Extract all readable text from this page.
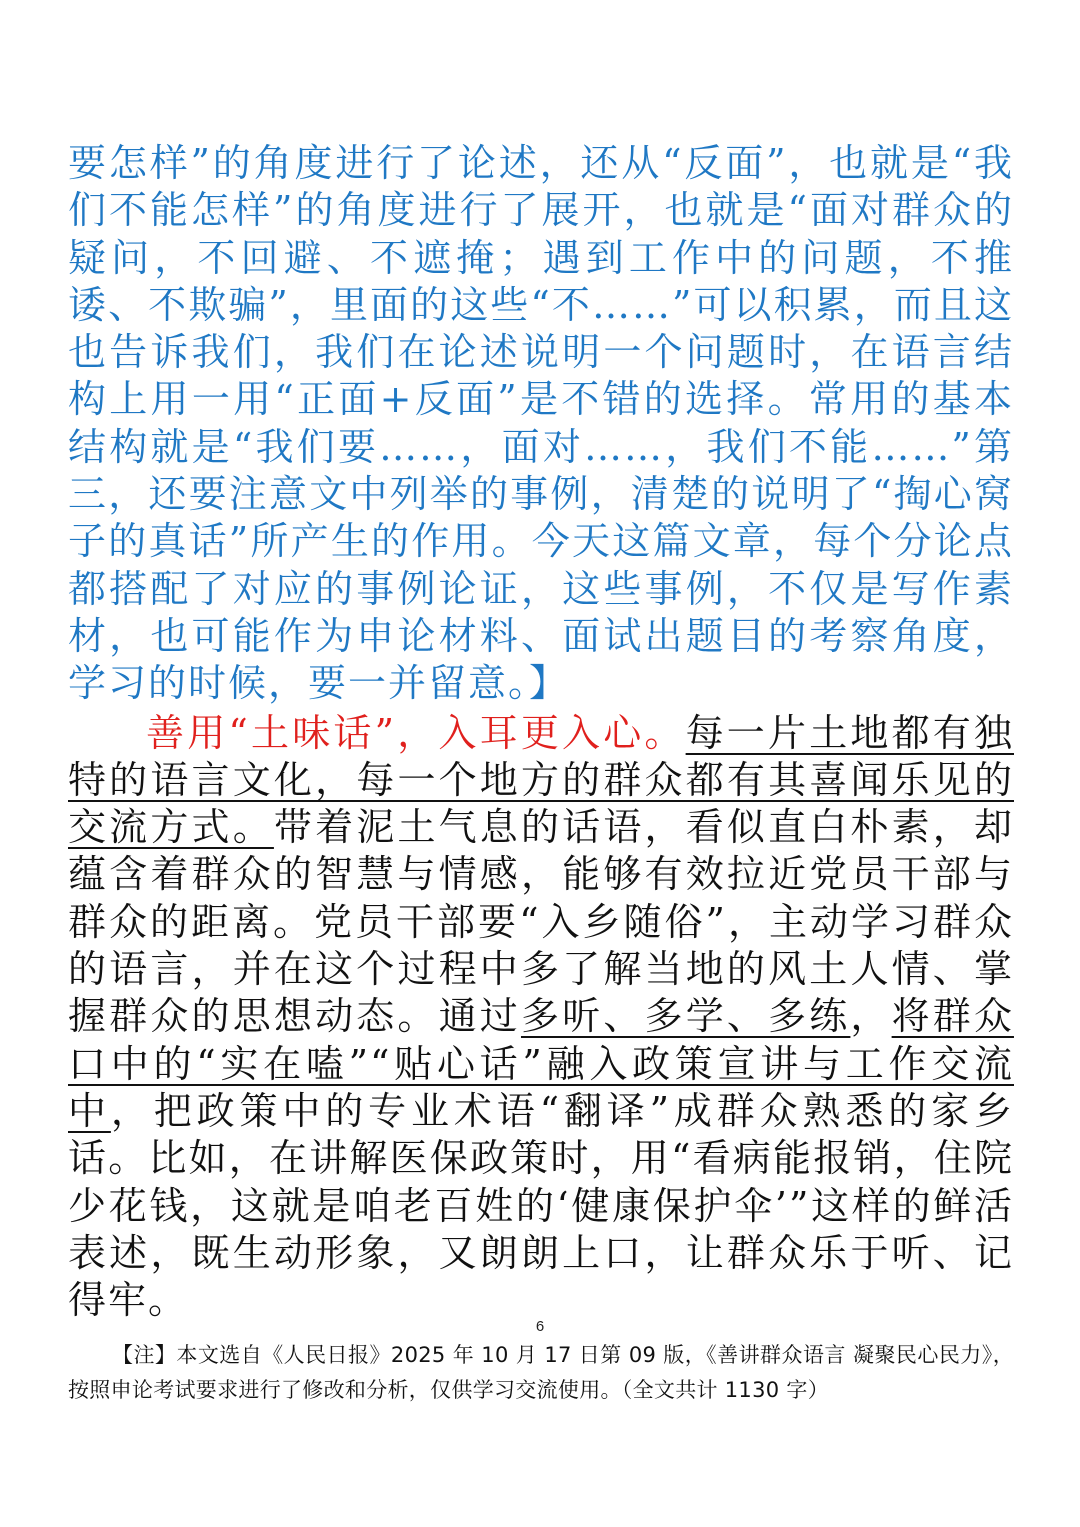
要怎样”的角度进行了论述，还从“反面”，也就是“我们不能怎样”的角度进行了展开，也就是“面对群众的疑问，不回避、不遮掩；遇到工作中的问题，不推诿、不欺骗”，里面的这些“不……”可以积累，而且这也告诉我们，我们在论述说明一个问题时，在语言结构上用一用“正面+反面”是不错的选择。常用的基本结构就是“我们要……，面对……，我们不能……”第三，还要注意文中列举的事例，清楚的说明了“掏心窝子的真话”所产生的作用。今天这篇文章，每个分论点都搭配了对应的事例论证，这些事例，不仅是写作素材，也可能作为申论材料、面试出题目的考察角度，学习的时候，要一并留意。】

善用“土味话”，入耳更入心。每一片土地都有独特的语言文化，每一个地方的群众都有其喜闻乐见的交流方式。带着泥土气息的话语，看似直白朴素，却蕴含着群众的智慧与情感，能够有效拉近党员干部与群众的距离。党员干部要“入乡随俗”，主动学习群众的语言，并在这个过程中多了解当地的风土人情、掌握群众的思想动态。通过多听、多学、多练，将群众口中的“实在嗑”“贴心话”融入政策宣讲与工作交流中，把政策中的专业术语“翻译”成群众熟悉的家乡话。比如，在讲解医保政策时，用“看病能报销，住院少花钱，这就是咱老百姓的‘健康保护伞’”这样的鲜活表述，既生动形象，又朗朗上口，让群众乐于听、记得牢。

6

【注】本文选自《人民日报》2025 年 10 月 17 日第 09 版，《善讲群众语言 凝聚民心民力》，按照申论考试要求进行了修改和分析，仅供学习交流使用。（全文共计 1130 字）
